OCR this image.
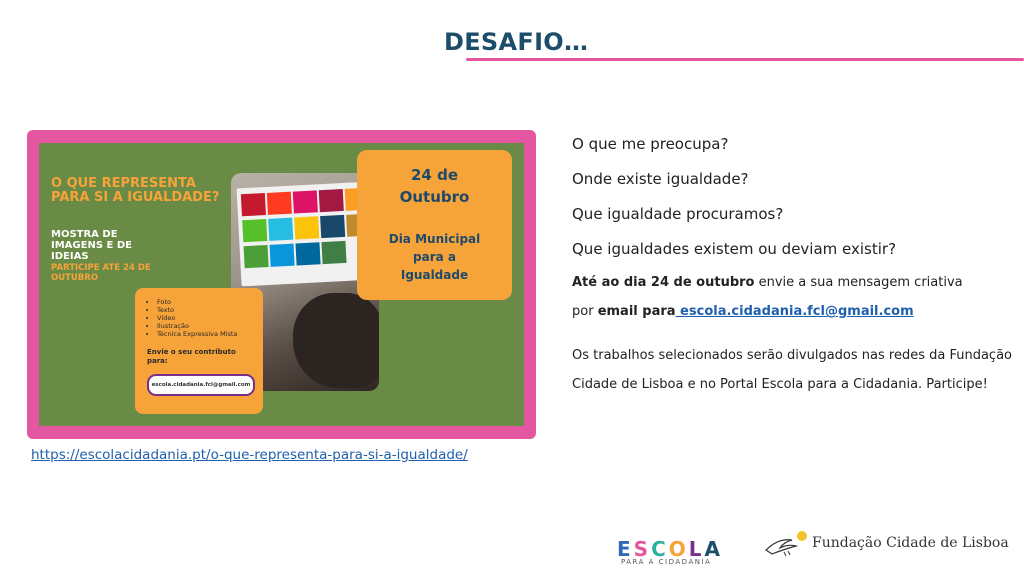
DESAFIO…
O QUE REPRESENTA PARA SI A IGUALDADE?
MOSTRA DE IMAGENS E DE IDEIAS
PARTICIPE ATÉ 24 DE OUTUBRO
• Foto
• Texto
• Vídeo
• Ilustração
• Técnica Expressiva Mista
Envie o seu contributo para:
escola.cidadania.fcl@gmail.com
24 de
Outubro
Dia Municipal
para a
Igualdade
https://escolacidadania.pt/o-que-representa-para-si-a-igualdade/
O que me preocupa?
Onde existe igualdade?
Que igualdade procuramos?
Que igualdades existem ou deviam existir?
Até ao dia 24 de outubro envie a sua mensagem criativa
por email para escola.cidadania.fcl@gmail.com
Os trabalhos selecionados serão divulgados nas redes da Fundação Cidade de Lisboa e no Portal Escola para a Cidadania. Participe!
ESCOLA
PARA A CIDADANIA
Fundação Cidade de Lisboa
